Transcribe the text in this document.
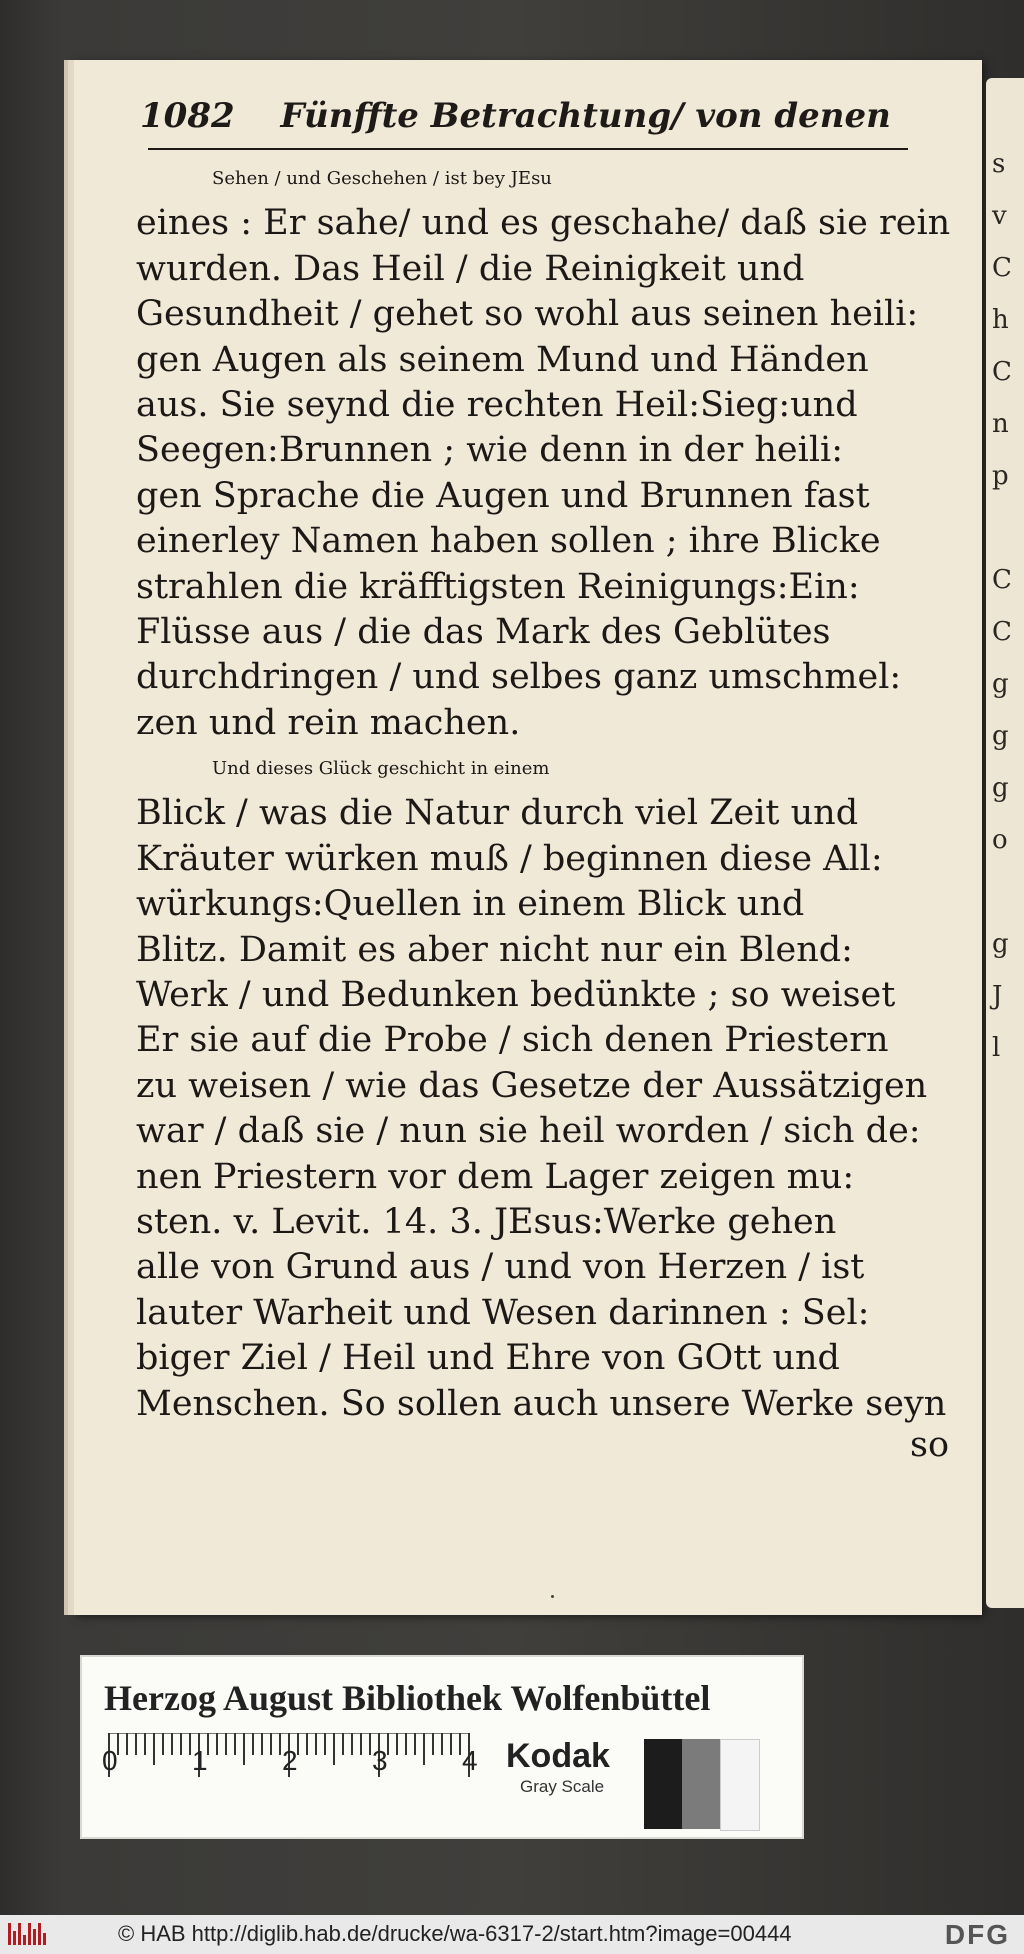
s
v
C
h
C
n
p

C
C
g
g
g
o

g
J
l
1082 Fünffte Betrachtung/ von denen
Sehen / und Geschehen / ist bey JEsu
eines : Er sahe/ und es geschahe/ daß sie rein
wurden. Das Heil / die Reinigkeit und
Gesundheit / gehet so wohl aus seinen heili:
gen Augen als seinem Mund und Händen
aus. Sie seynd die rechten Heil:Sieg:und
Seegen:Brunnen ; wie denn in der heili:
gen Sprache die Augen und Brunnen fast
einerley Namen haben sollen ; ihre Blicke
strahlen die kräfftigsten Reinigungs:Ein:
Flüsse aus / die das Mark des Geblütes
durchdringen / und selbes ganz umschmel:
zen und rein machen.
Und dieses Glück geschicht in einem
Blick / was die Natur durch viel Zeit und
Kräuter würken muß / beginnen diese All:
würkungs:Quellen in einem Blick und
Blitz. Damit es aber nicht nur ein Blend:
Werk / und Bedunken bedünkte ; so weiset
Er sie auf die Probe / sich denen Priestern
zu weisen / wie das Gesetze der Aussätzigen
war / daß sie / nun sie heil worden / sich de:
nen Priestern vor dem Lager zeigen mu:
sten. v. Levit. 14. 3. JEsus:Werke gehen
alle von Grund aus / und von Herzen / ist
lauter Warheit und Wesen darinnen : Sel:
biger Ziel / Heil und Ehre von GOtt und
Menschen. So sollen auch unsere Werke seyn
so
Herzog August Bibliothek Wolfenbüttel
0	1	2	3	4 Kodak
Gray Scale
© HAB http://diglib.hab.de/drucke/wa-6317-2/start.htm?image=00444	DFG
